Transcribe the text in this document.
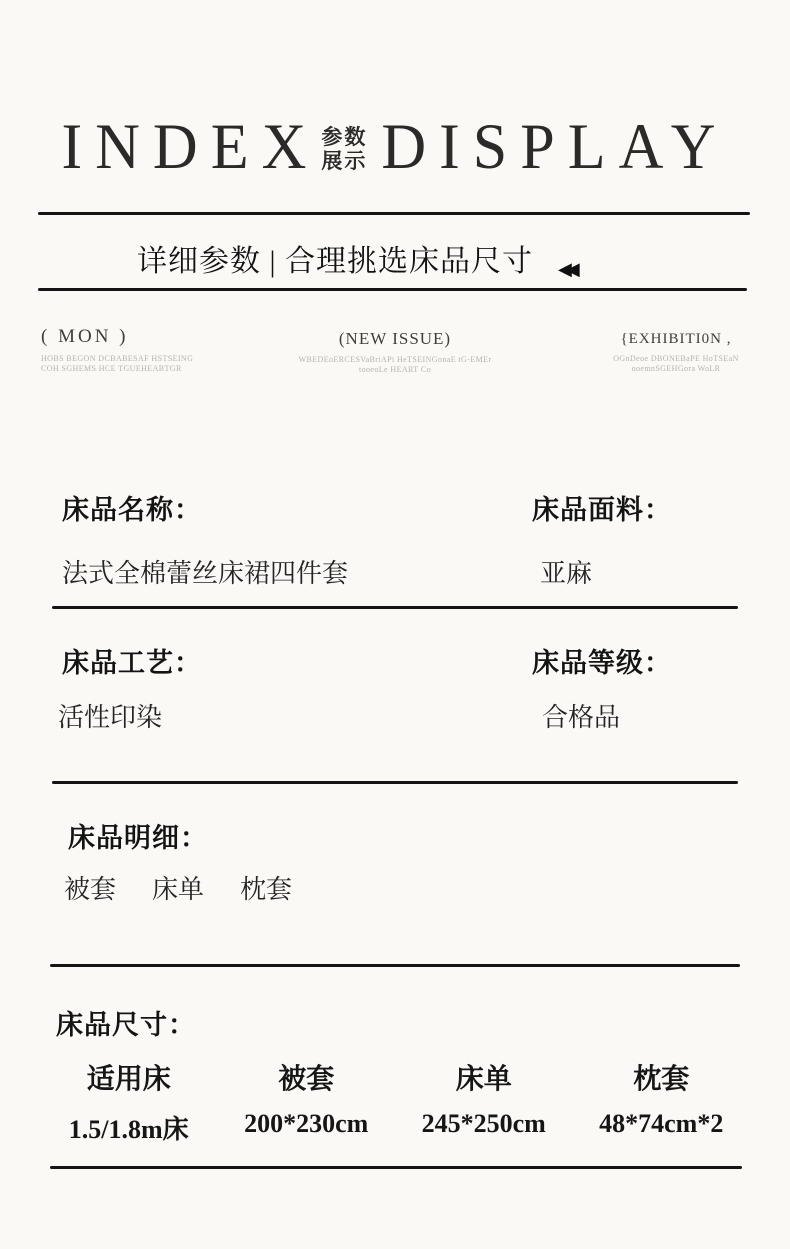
INDEX 参数
展示 DISPLAY
详细参数 | 合理挑选床品尺寸 ◀◀
( MON )
HOBS BEGON DCBABESAF HSTSEING
COH SGHEMS HCE TGUEHEABTGR
(NEW ISSUE)
WBEDEoERCESVaBriAPi HeTSEINGonaE tG-EMEr
tooeoLe HEART Co
{EXHIBITI0N ,
OGnDeoe DBONEBaPE HoTSEaN
ooemnSGEHGora WoLR
床品名称：	床品面料：
法式全棉蕾丝床裙四件套	亚麻
床品工艺：	床品等级：
活性印染	合格品
床品明细：
被套 床单 枕套
床品尺寸：
适用床	被套	床单	枕套
1.5/1.8m床	200*230cm	245*250cm	48*74cm*2
